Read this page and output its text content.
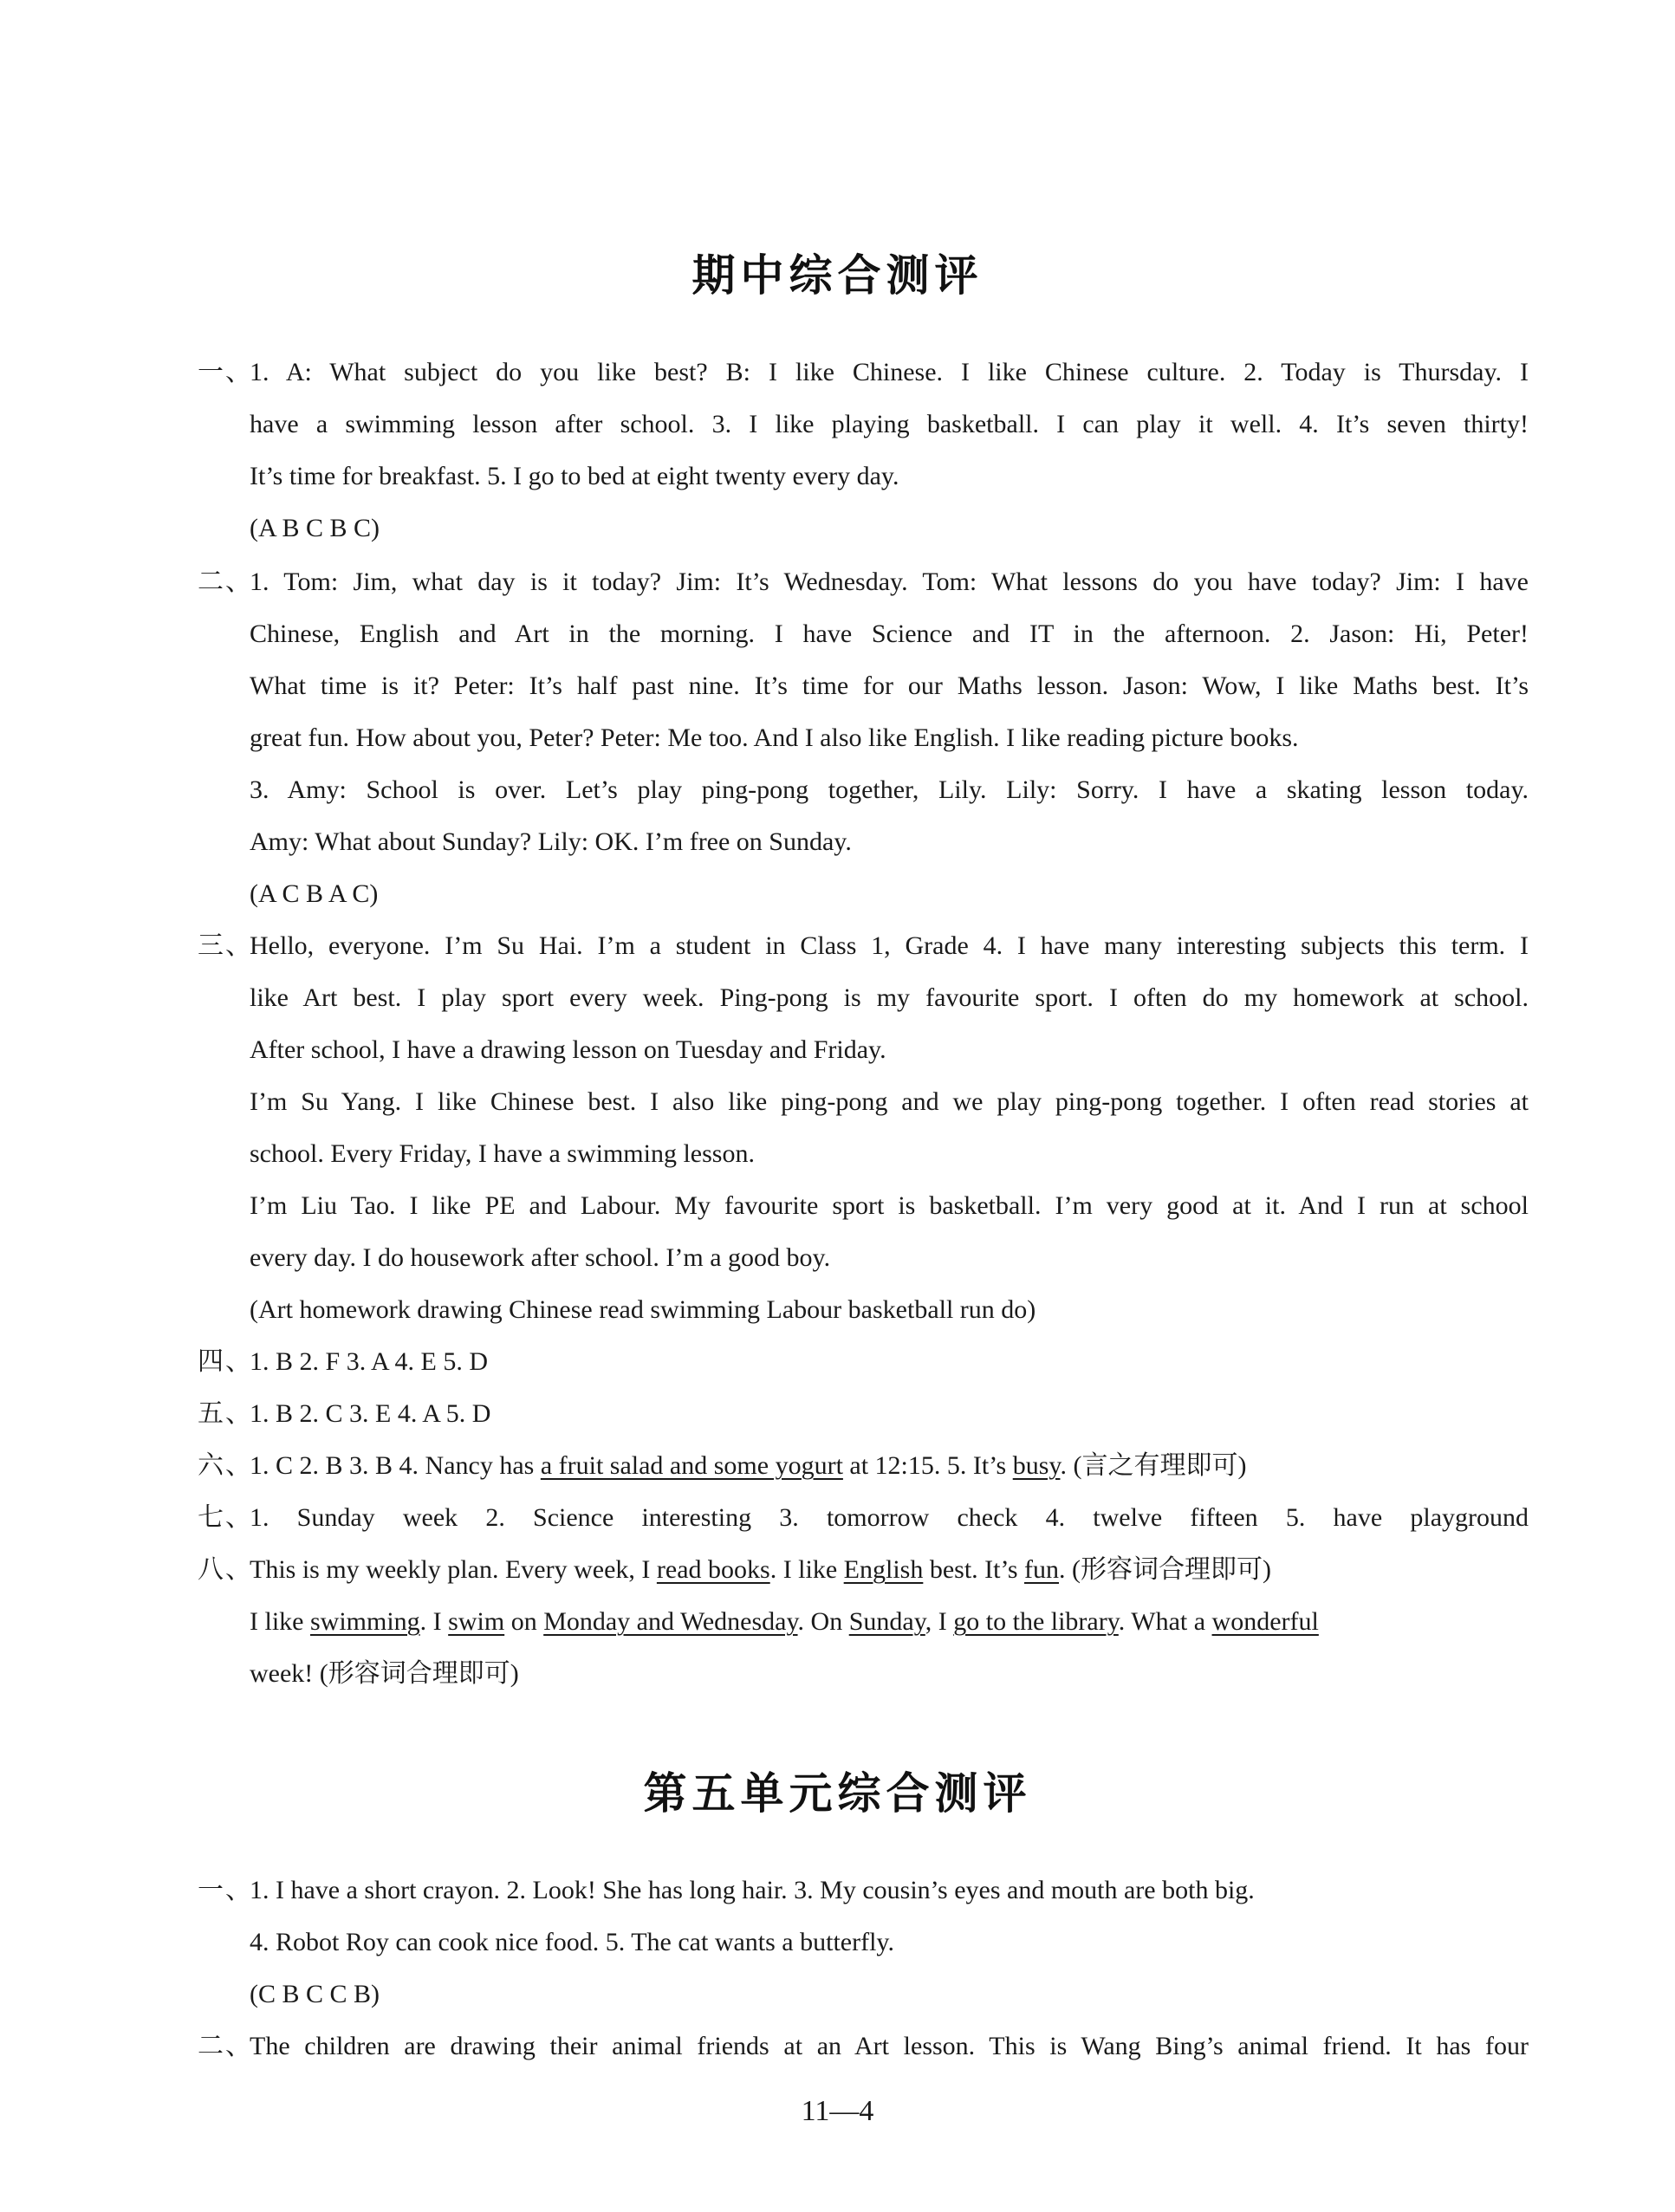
期中综合测评
一、1. A: What subject do you like best? B: I like Chinese. I like Chinese culture. 2. Today is Thursday. I
have a swimming lesson after school. 3. I like playing basketball. I can play it well. 4. It’s seven thirty!
It’s time for breakfast. 5. I go to bed at eight twenty every day.
(A B C B C)
二、1. Tom: Jim, what day is it today? Jim: It’s Wednesday. Tom: What lessons do you have today? Jim: I have
Chinese, English and Art in the morning. I have Science and IT in the afternoon. 2. Jason: Hi, Peter!
What time is it? Peter: It’s half past nine. It’s time for our Maths lesson. Jason: Wow, I like Maths best. It’s
great fun. How about you, Peter? Peter: Me too. And I also like English. I like reading picture books.
3. Amy: School is over. Let’s play ping-pong together, Lily. Lily: Sorry. I have a skating lesson today.
Amy: What about Sunday? Lily: OK. I’m free on Sunday.
(A C B A C)
三、Hello, everyone. I’m Su Hai. I’m a student in Class 1, Grade 4. I have many interesting subjects this term. I
like Art best. I play sport every week. Ping-pong is my favourite sport. I often do my homework at school.
After school, I have a drawing lesson on Tuesday and Friday.
I’m Su Yang. I like Chinese best. I also like ping-pong and we play ping-pong together. I often read stories at
school. Every Friday, I have a swimming lesson.
I’m Liu Tao. I like PE and Labour. My favourite sport is basketball. I’m very good at it. And I run at school
every day. I do housework after school. I’m a good boy.
(Art homework drawing Chinese read swimming Labour basketball run do)
四、1. B 2. F 3. A 4. E 5. D
五、1. B 2. C 3. E 4. A 5. D
六、1. C 2. B 3. B 4. Nancy has a fruit salad and some yogurt at 12:15. 5. It’s busy. (言之有理即可)
七、1. Sunday week 2. Science interesting 3. tomorrow check 4. twelve fifteen 5. have playground
八、This is my weekly plan. Every week, I read books. I like English best. It’s fun. (形容词合理即可)
I like swimming. I swim on Monday and Wednesday. On Sunday, I go to the library. What a wonderful
week! (形容词合理即可)
第五单元综合测评
一、1. I have a short crayon. 2. Look! She has long hair. 3. My cousin’s eyes and mouth are both big.
4. Robot Roy can cook nice food. 5. The cat wants a butterfly.
(C B C C B)
二、The children are drawing their animal friends at an Art lesson. This is Wang Bing’s animal friend. It has four
11—4
